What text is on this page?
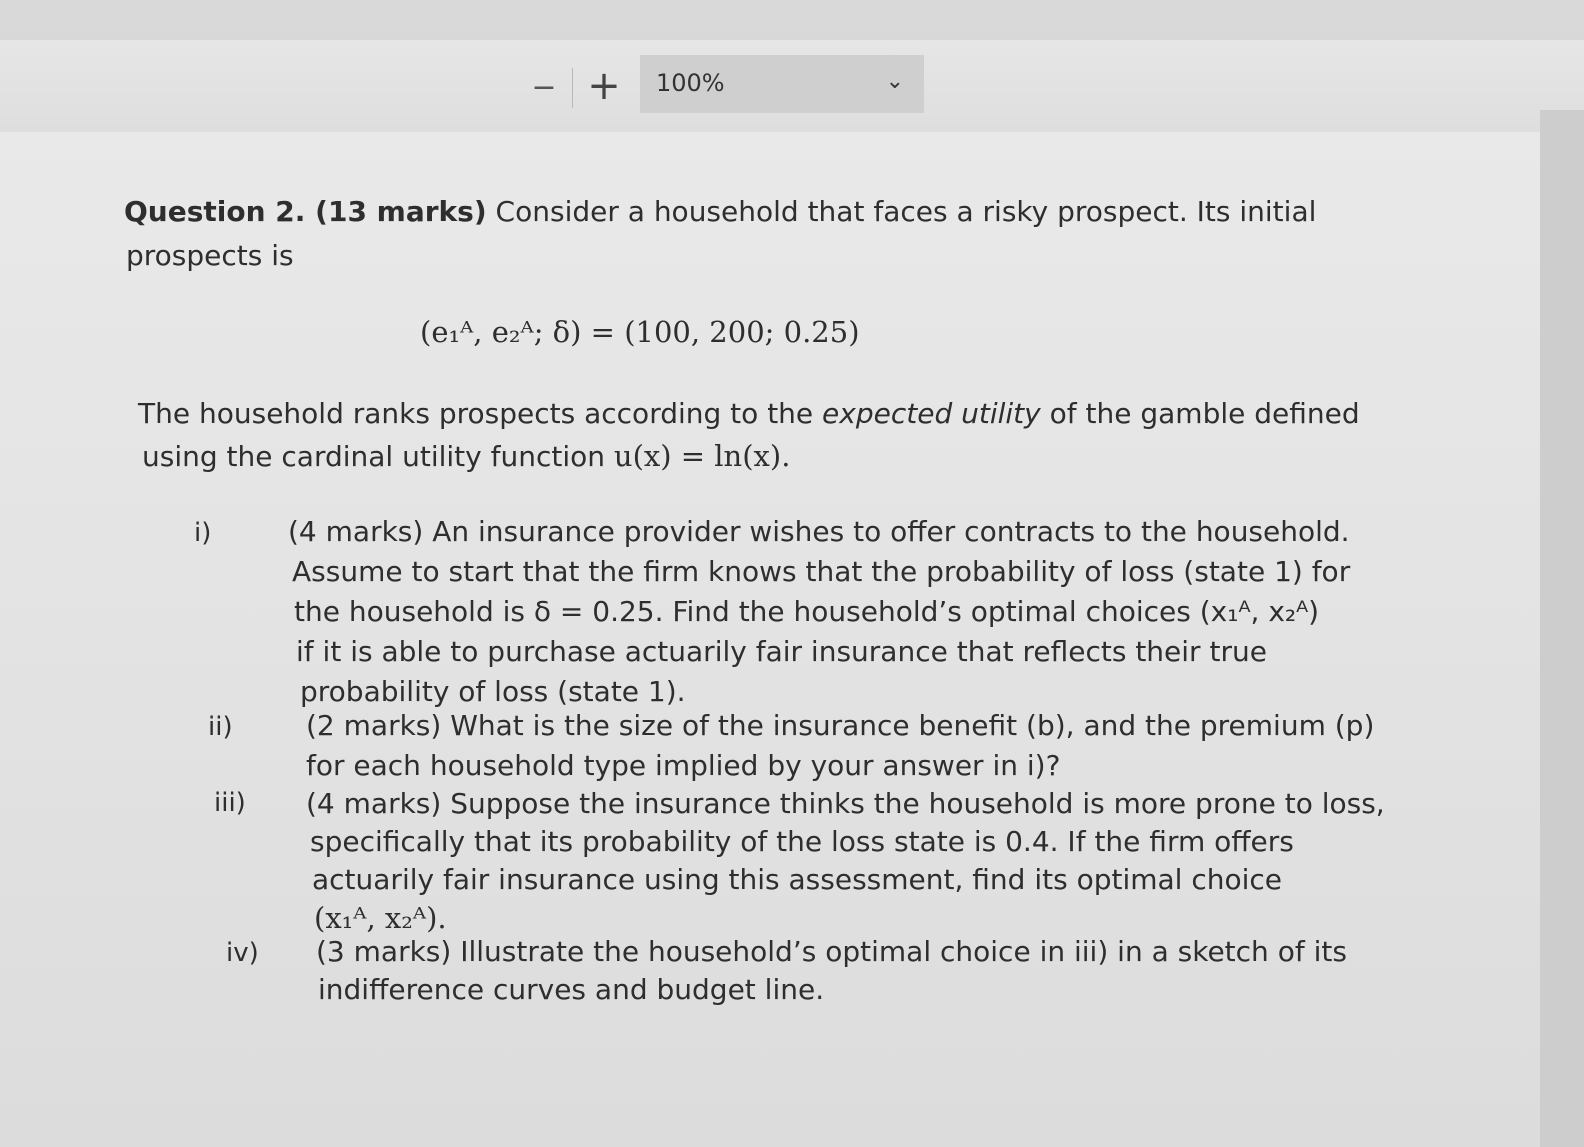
− + 100%	⌄
Question 2. (13 marks) Consider a household that faces a risky prospect. Its initial
prospects is
(e₁ᴬ, e₂ᴬ; δ) = (100, 200; 0.25)
The household ranks prospects according to the expected utility of the gamble defined
using the cardinal utility function u(x) = ln(x).
i)	(4 marks) An insurance provider wishes to offer contracts to the household.
Assume to start that the firm knows that the probability of loss (state 1) for
the household is δ = 0.25. Find the household’s optimal choices (x₁ᴬ, x₂ᴬ)
if it is able to purchase actuarily fair insurance that reflects their true
probability of loss (state 1).
ii)	(2 marks) What is the size of the insurance benefit (b), and the premium (p)
for each household type implied by your answer in i)?
iii) (4 marks) Suppose the insurance thinks the household is more prone to loss,
specifically that its probability of the loss state is 0.4. If the firm offers
actuarily fair insurance using this assessment, find its optimal choice
(x₁ᴬ, x₂ᴬ).
iv) (3 marks) Illustrate the household’s optimal choice in iii) in a sketch of its
indifference curves and budget line.
